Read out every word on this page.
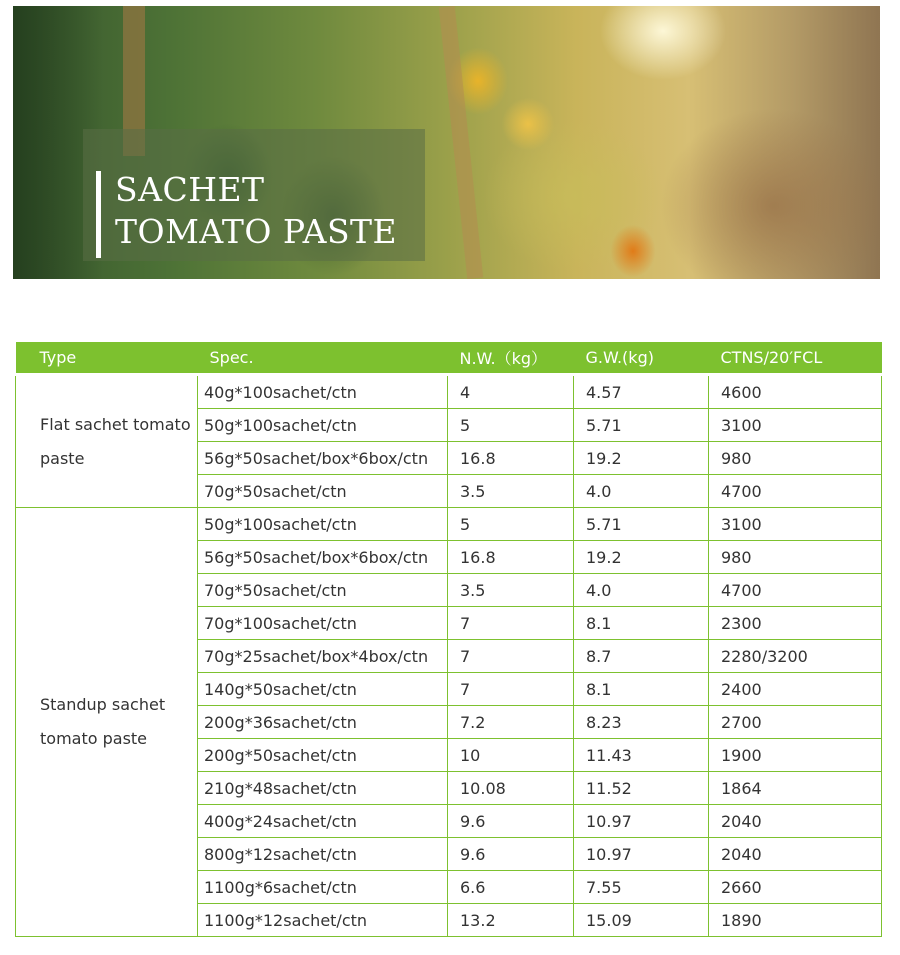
SACHET
TOMATO PASTE
Type	Spec.	N.W.（kg）	G.W.(kg)	CTNS/20′FCL
Flat sachet tomato paste	40g*100sachet/ctn	4	4.57	4600
	50g*100sachet/ctn	5	5.71	3100
	56g*50sachet/box*6box/ctn	16.8	19.2	980
	70g*50sachet/ctn	3.5	4.0	4700
Standup sachet tomato paste	50g*100sachet/ctn	5	5.71	3100
	56g*50sachet/box*6box/ctn	16.8	19.2	980
	70g*50sachet/ctn	3.5	4.0	4700
	70g*100sachet/ctn	7	8.1	2300
	70g*25sachet/box*4box/ctn	7	8.7	2280/3200
	140g*50sachet/ctn	7	8.1	2400
	200g*36sachet/ctn	7.2	8.23	2700
	200g*50sachet/ctn	10	11.43	1900
	210g*48sachet/ctn	10.08	11.52	1864
	400g*24sachet/ctn	9.6	10.97	2040
	800g*12sachet/ctn	9.6	10.97	2040
	1100g*6sachet/ctn	6.6	7.55	2660
	1100g*12sachet/ctn	13.2	15.09	1890
